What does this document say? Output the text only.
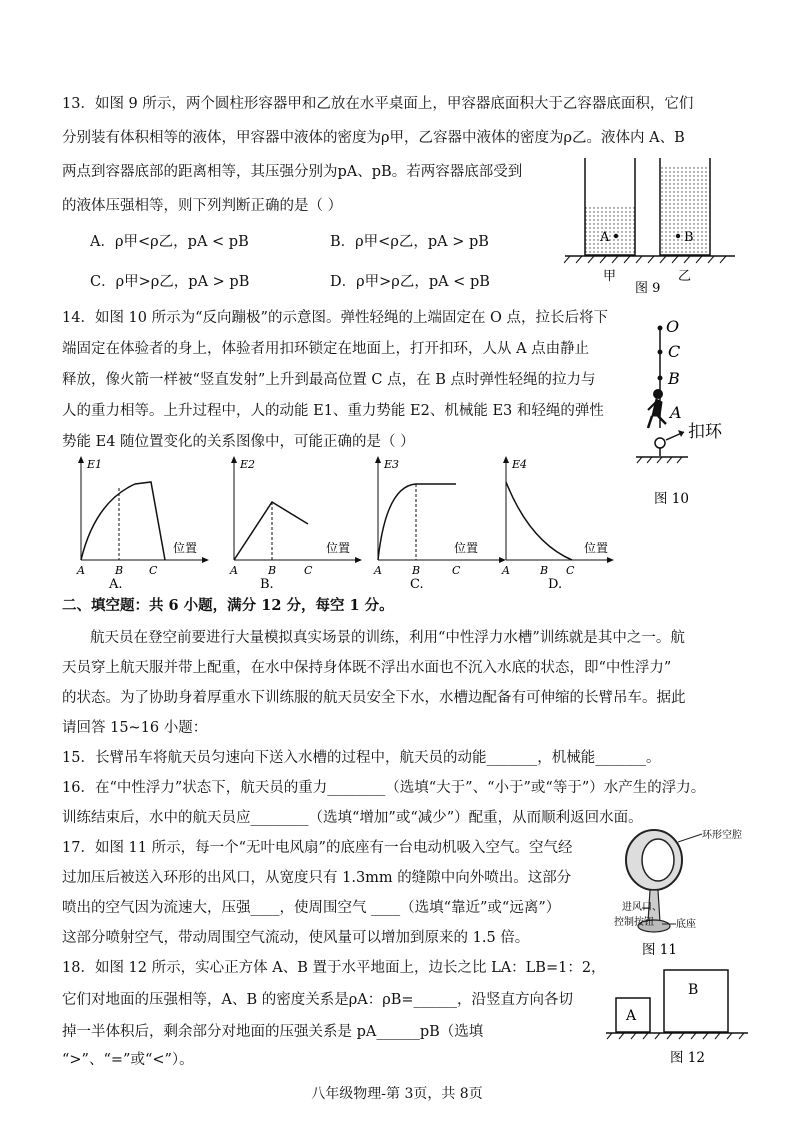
13．如图 9 所示，两个圆柱形容器甲和乙放在水平桌面上，甲容器底面积大于乙容器底面积，它们
分别装有体积相等的液体，甲容器中液体的密度为ρ甲，乙容器中液体的密度为ρ乙。液体内 A、B
两点到容器底部的距离相等，其压强分别为pA、pB。若两容器底部受到
的液体压强相等，则下列判断正确的是（ ）
A．ρ甲<ρ乙，pA < pB	B．ρ甲<ρ乙，pA > pB
C．ρ甲>ρ乙，pA > pB	D．ρ甲>ρ乙，pA < pB
A	B
甲	乙
图 9
14．如图 10 所示为“反向蹦极”的示意图。弹性轻绳的上端固定在 O 点，拉长后将下
端固定在体验者的身上，体验者用扣环锁定在地面上，打开扣环，人从 A 点由静止
释放，像火箭一样被“竖直发射”上升到最高位置 C 点，在 B 点时弹性轻绳的拉力与
人的重力相等。上升过程中，人的动能 E1、重力势能 E2、机械能 E3 和轻绳的弹性
势能 E4 随位置变化的关系图像中，可能正确的是（ ）
O
C
B
A
扣环
图 10
E1
位置
A	B C
A.
E2
位置
A	B	C
B.
E3
位置
A	B	C
C.
E4
位置
A	B C
D.
二、填空题：共 6 小题，满分 12 分，每空 1 分。
航天员在登空前要进行大量模拟真实场景的训练，利用“中性浮力水槽”训练就是其中之一。航
天员穿上航天服并带上配重，在水中保持身体既不浮出水面也不沉入水底的状态，即“中性浮力”
的状态。为了协助身着厚重水下训练服的航天员安全下水，水槽边配备有可伸缩的长臂吊车。据此
请回答 15~16 小题：
15．长臂吊车将航天员匀速向下送入水槽的过程中，航天员的动能_______，机械能_______。
16．在“中性浮力”状态下，航天员的重力________（选填“大于”、“小于”或“等于”）水产生的浮力。
训练结束后，水中的航天员应________（选填“增加”或“减少”）配重，从而顺利返回水面。
17．如图 11 所示，每一个“无叶电风扇”的底座有一台电动机吸入空气。空气经
过加压后被送入环形的出风口，从宽度只有 1.3mm 的缝隙中向外喷出。这部分
喷出的空气因为流速大，压强____，使周围空气 ____（选填“靠近”或“远离”）
这部分喷射空气，带动周围空气流动，使风量可以增加到原来的 1.5 倍。
环形空腔
进风口、
控制按钮 底座
图 11
18．如图 12 所示，实心正方体 A、B 置于水平地面上，边长之比 LA：LB=1：2，
它们对地面的压强相等，A、B 的密度关系是ρA：ρB=______，沿竖直方向各切
掉一半体积后，剩余部分对地面的压强关系是 pA______pB（选填
“>”、“=”或“<”）。
A
B
图 12
八年级物理-第 3页，共 8页
